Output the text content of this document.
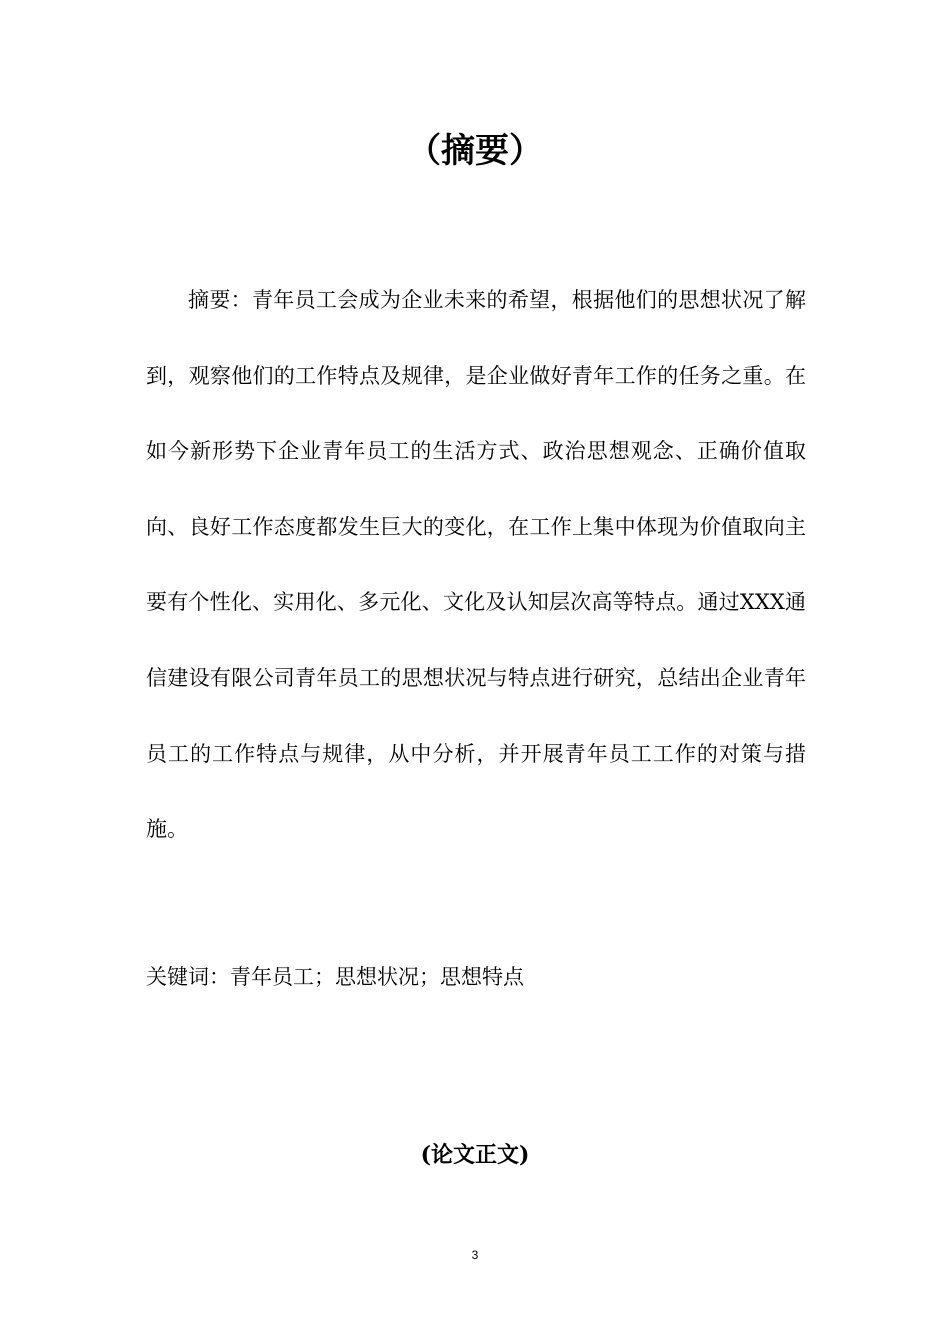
（摘要）

摘要：青年员工会成为企业未来的希望，根据他们的思想状况了解到，观察他们的工作特点及规律，是企业做好青年工作的任务之重。在如今新形势下企业青年员工的生活方式、政治思想观念、正确价值取向、良好工作态度都发生巨大的变化，在工作上集中体现为价值取向主要有个性化、实用化、多元化、文化及认知层次高等特点。通过XXX通信建设有限公司青年员工的思想状况与特点进行研究，总结出企业青年员工的工作特点与规律，从中分析，并开展青年员工工作的对策与措施。

关键词：青年员工；思想状况；思想特点
(论文正文)
3
